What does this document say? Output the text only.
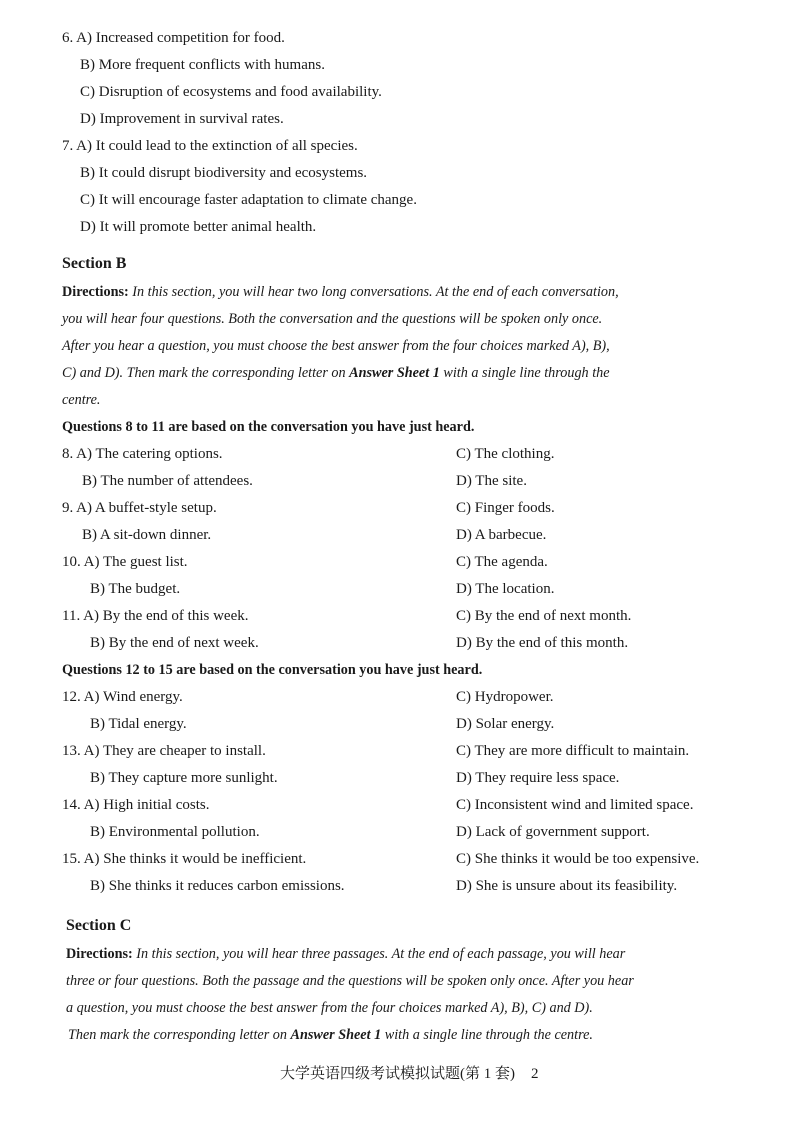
6. A) Increased competition for food.
B) More frequent conflicts with humans.
C) Disruption of ecosystems and food availability.
D) Improvement in survival rates.
7. A) It could lead to the extinction of all species.
B) It could disrupt biodiversity and ecosystems.
C) It will encourage faster adaptation to climate change.
D) It will promote better animal health.
Section B
Directions: In this section, you will hear two long conversations. At the end of each conversation,
you will hear four questions. Both the conversation and the questions will be spoken only once.
After you hear a question, you must choose the best answer from the four choices marked A), B),
C) and D). Then mark the corresponding letter on Answer Sheet 1 with a single line through the
centre.
Questions 8 to 11 are based on the conversation you have just heard.
8. A) The catering options.	C) The clothing.
B) The number of attendees.	D) The site.
9. A) A buffet-style setup.	C) Finger foods.
B) A sit-down dinner.	D) A barbecue.
10. A) The guest list.	C) The agenda.
B) The budget.	D) The location.
11. A) By the end of this week.	C) By the end of next month.
B) By the end of next week.	D) By the end of this month.
Questions 12 to 15 are based on the conversation you have just heard.
12. A) Wind energy.	C) Hydropower.
B) Tidal energy.	D) Solar energy.
13. A) They are cheaper to install.	C) They are more difficult to maintain.
B) They capture more sunlight.	D) They require less space.
14. A) High initial costs.	C) Inconsistent wind and limited space.
B) Environmental pollution.	D) Lack of government support.
15. A) She thinks it would be inefficient.	C) She thinks it would be too expensive.
B) She thinks it reduces carbon emissions.	D) She is unsure about its feasibility.
Section C
Directions: In this section, you will hear three passages. At the end of each passage, you will hear
three or four questions. Both the passage and the questions will be spoken only once. After you hear
a question, you must choose the best answer from the four choices marked A), B), C) and D).
Then mark the corresponding letter on Answer Sheet 1 with a single line through the centre.
大学英语四级考试模拟试题(第 1 套) 2
